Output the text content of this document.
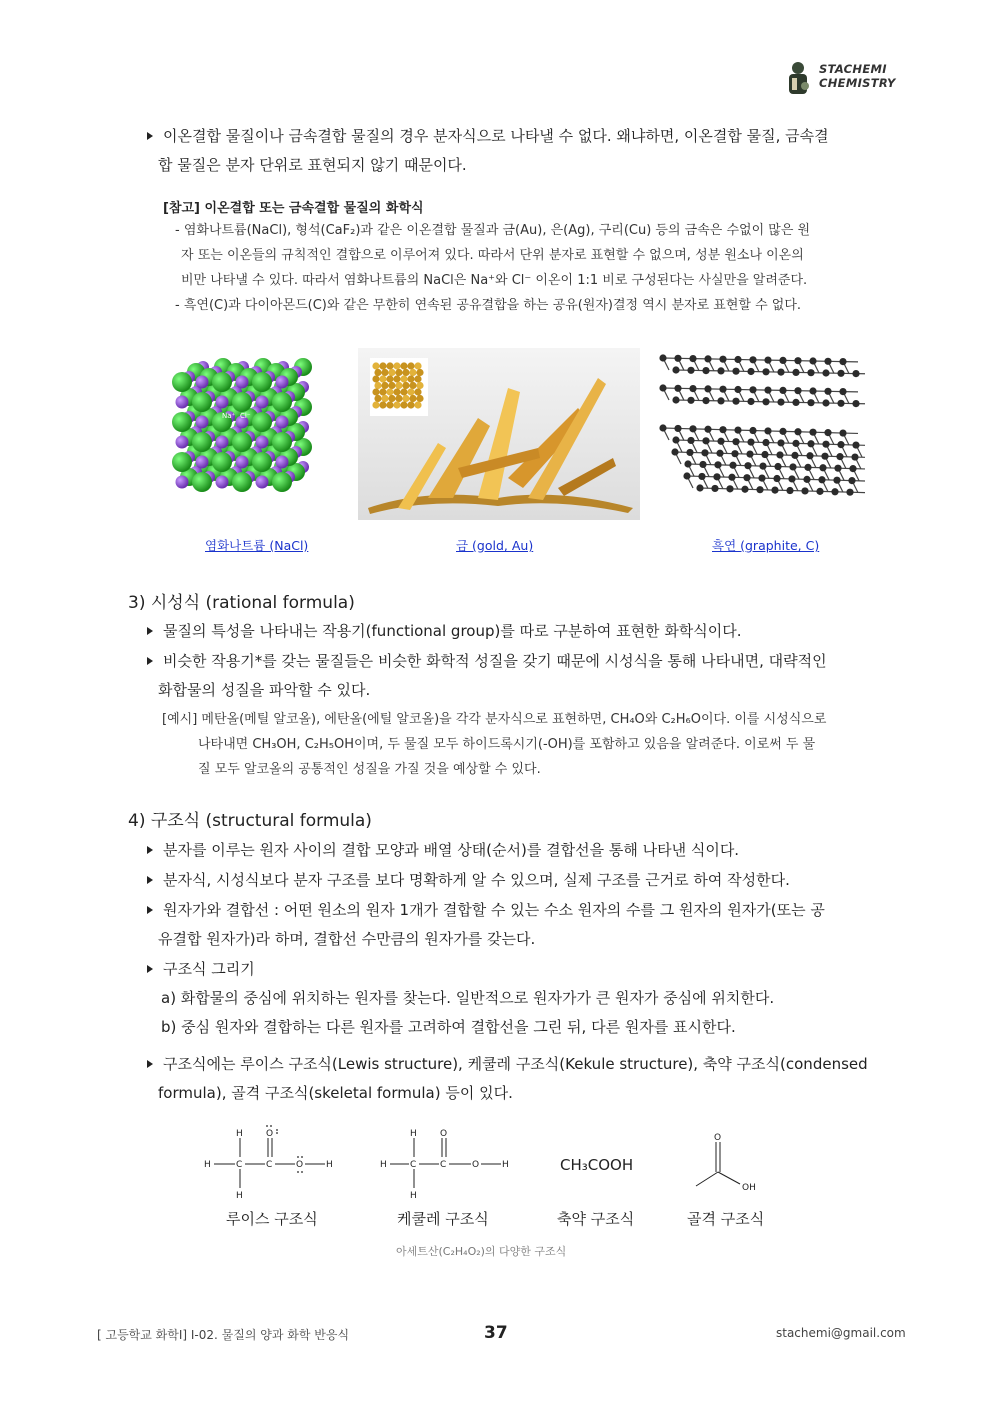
STACHEMI
CHEMISTRY
이온결합 물질이나 금속결합 물질의 경우 분자식으로 나타낼 수 없다. 왜냐하면, 이온결합 물질, 금속결
합 물질은 분자 단위로 표현되지 않기 때문이다.
[참고] 이온결합 또는 금속결합 물질의 화학식
- 염화나트륨(NaCl), 형석(CaF₂)과 같은 이온결합 물질과 금(Au), 은(Ag), 구리(Cu) 등의 금속은 수없이 많은 원
자 또는 이온들의 규칙적인 결합으로 이루어져 있다. 따라서 단위 분자로 표현할 수 없으며, 성분 원소나 이온의
비만 나타낼 수 있다. 따라서 염화나트륨의 NaCl은 Na⁺와 Cl⁻ 이온이 1:1 비로 구성된다는 사실만을 알려준다.
- 흑연(C)과 다이아몬드(C)와 같은 무한히 연속된 공유결합을 하는 공유(원자)결정 역시 분자로 표현할 수 없다.
Na⁺ Cl⁻
염화나트륨 (NaCl)	금 (gold, Au)	흑연 (graphite, C)
3) 시성식 (rational formula)
물질의 특성을 나타내는 작용기(functional group)를 따로 구분하여 표현한 화학식이다.
비슷한 작용기*를 갖는 물질들은 비슷한 화학적 성질을 갖기 때문에 시성식을 통해 나타내면, 대략적인
화합물의 성질을 파악할 수 있다.
[예시] 메탄올(메틸 알코올), 에탄올(에틸 알코올)을 각각 분자식으로 표현하면, CH₄O와 C₂H₆O이다. 이를 시성식으로
나타내면 CH₃OH, C₂H₅OH이며, 두 물질 모두 하이드록시기(-OH)를 포함하고 있음을 알려준다. 이로써 두 물
질 모두 알코올의 공통적인 성질을 가질 것을 예상할 수 있다.
4) 구조식 (structural formula)
분자를 이루는 원자 사이의 결합 모양과 배열 상태(순서)를 결합선을 통해 나타낸 식이다.
분자식, 시성식보다 분자 구조를 보다 명확하게 알 수 있으며, 실제 구조를 근거로 하여 작성한다.
원자가와 결합선 : 어떤 원소의 원자 1개가 결합할 수 있는 수소 원자의 수를 그 원자의 원자가(또는 공
유결합 원자가)라 하며, 결합선 수만큼의 원자가를 갖는다.
구조식 그리기
a) 화합물의 중심에 위치하는 원자를 찾는다. 일반적으로 원자가가 큰 원자가 중심에 위치한다.
b) 중심 원자와 결합하는 다른 원자를 고려하여 결합선을 그린 뒤, 다른 원자를 표시한다.
구조식에는 루이스 구조식(Lewis structure), 케쿨레 구조식(Kekule structure), 축약 구조식(condensed
formula), 골격 구조식(skeletal formula) 등이 있다.
H
H	C	C	O	H
H
O	H
H	C	C	O	H
H
O
CH₃COOH
O
OH
루이스 구조식	케쿨레 구조식	축약 구조식	골격 구조식
아세트산(C₂H₄O₂)의 다양한 구조식
[ 고등학교 화학Ⅰ] Ⅰ-02. 물질의 양과 화학 반응식	37	stachemi@gmail.com
